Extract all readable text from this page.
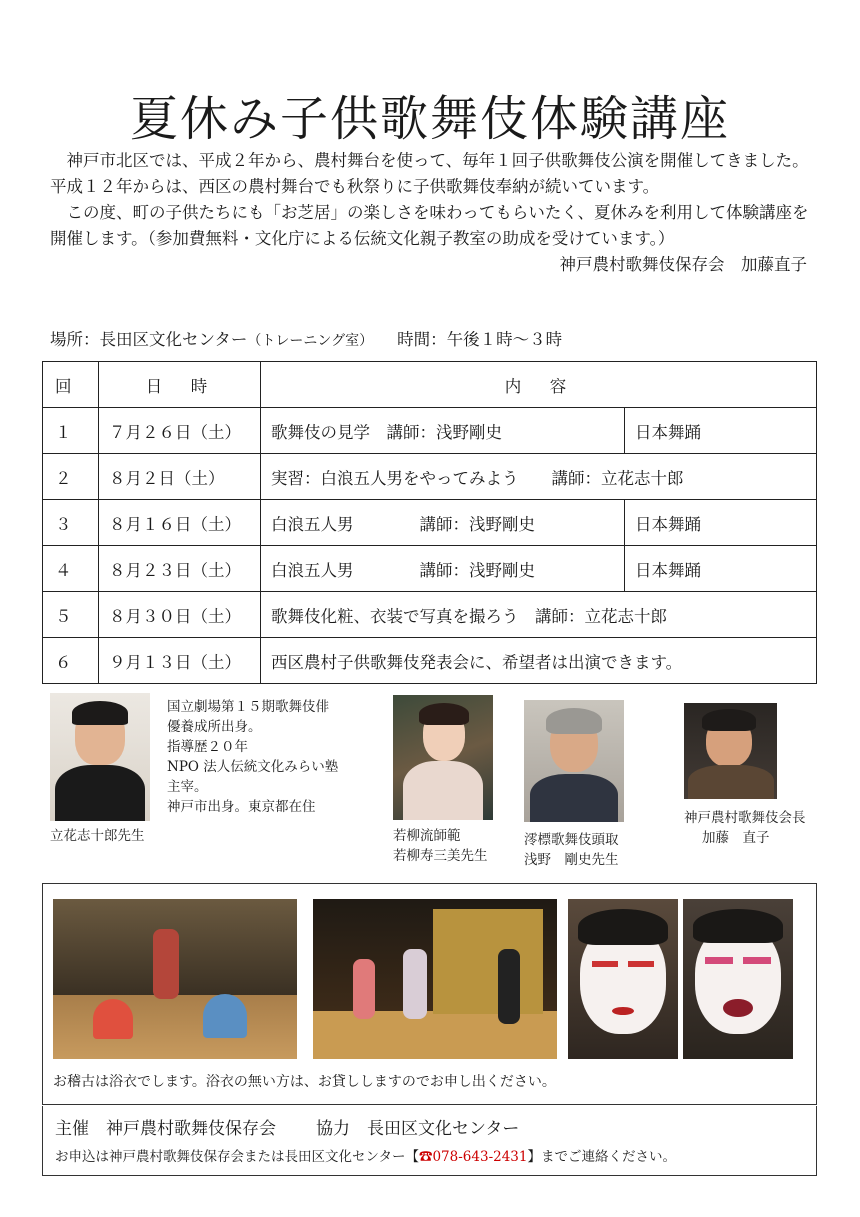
夏休み子供歌舞伎体験講座

神戸市北区では、平成２年から、農村舞台を使って、毎年１回子供歌舞伎公演を開催してきました。平成１２年からは、西区の農村舞台でも秋祭りに子供歌舞伎奉納が続いています。

この度、町の子供たちにも「お芝居」の楽しさを味わってもらいたく、夏休みを利用して体験講座を開催します。（参加費無料・文化庁による伝統文化親子教室の助成を受けています。）

神戸農村歌舞伎保存会　加藤直子

場所：長田区文化センター（トレーニング室） 時間：午後１時～３時
回	日　時	内　容	
１	７月２６日（土）	歌舞伎の見学　講師：浅野剛史	日本舞踊
２	８月２日（土）	実習：白浪五人男をやってみよう　　講師：立花志十郎	
３	８月１６日（土）	白浪五人男　　　　講師：浅野剛史	日本舞踊
４	８月２３日（土）	白浪五人男　　　　講師：浅野剛史	日本舞踊
５	８月３０日（土）	歌舞伎化粧、衣装で写真を撮ろう　講師：立花志十郎	
６	９月１３日（土）	西区農村子供歌舞伎発表会に、希望者は出演できます。	
国立劇場第１５期歌舞伎俳
優養成所出身。
指導歴２０年
NPO 法人伝統文化みらい塾
主宰。
神戸市出身。東京都在住
立花志十郎先生	若柳流師範
若柳寿三美先生
澪標歌舞伎頭取
浅野　剛史先生
神戸農村歌舞伎会長
加藤　直子
お稽古は浴衣でします。浴衣の無い方は、お貸ししますのでお申し出ください。
主催　神戸農村歌舞伎保存会 協力　長田区文化センター
お申込は神戸農村歌舞伎保存会または長田区文化センター【☎078-643-2431】までご連絡ください。
